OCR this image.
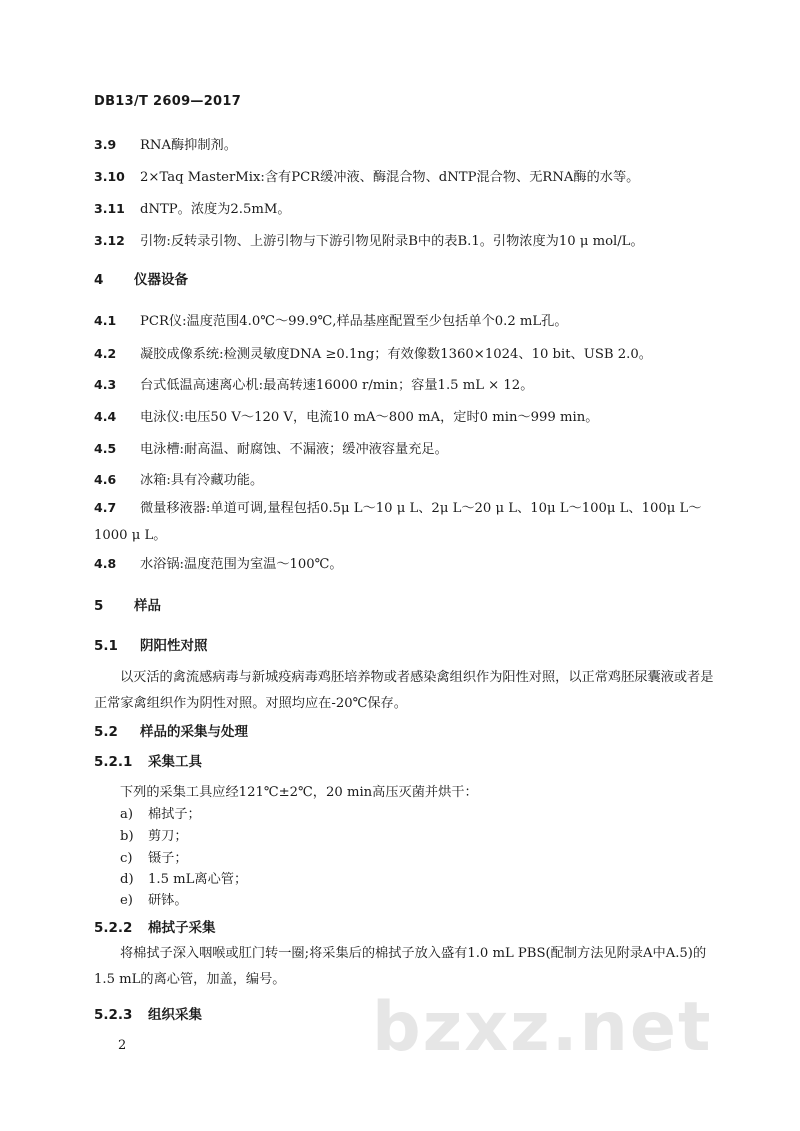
DB13/T 2609—2017
3.9 RNA酶抑制剂。
3.10 2×Taq MasterMix:含有PCR缓冲液、酶混合物、dNTP混合物、无RNA酶的水等。
3.11 dNTP。浓度为2.5mM。
3.12 引物:反转录引物、上游引物与下游引物见附录B中的表B.1。引物浓度为10 μ mol/L。
4 仪器设备
4.1 PCR仪:温度范围4.0℃～99.9℃,样品基座配置至少包括单个0.2 mL孔。
4.2 凝胶成像系统:检测灵敏度DNA ≥0.1ng；有效像数1360×1024、10 bit、USB 2.0。
4.3 台式低温高速离心机:最高转速16000 r/min；容量1.5 mL × 12。
4.4 电泳仪:电压50 V～120 V，电流10 mA～800 mA，定时0 min～999 min。
4.5 电泳槽:耐高温、耐腐蚀、不漏液；缓冲液容量充足。
4.6 冰箱:具有冷藏功能。
4.7 微量移液器:单道可调,量程包括0.5μ L～10 μ L、2μ L～20 μ L、10μ L～100μ L、100μ L～1000 μ L。
4.8 水浴锅:温度范围为室温～100℃。
5 样品
5.1 阴阳性对照
以灭活的禽流感病毒与新城疫病毒鸡胚培养物或者感染禽组织作为阳性对照，以正常鸡胚尿囊液或者是正常家禽组织作为阴性对照。对照均应在-20℃保存。
5.2 样品的采集与处理
5.2.1 采集工具
下列的采集工具应经121℃±2℃，20 min高压灭菌并烘干：
a) 棉拭子；
b) 剪刀；
c) 镊子；
d) 1.5 mL离心管；
e) 研钵。
5.2.2 棉拭子采集
将棉拭子深入咽喉或肛门转一圈;将采集后的棉拭子放入盛有1.0 mL PBS(配制方法见附录A中A.5)的1.5 mL的离心管，加盖，编号。
5.2.3 组织采集	bzxz.net
2
